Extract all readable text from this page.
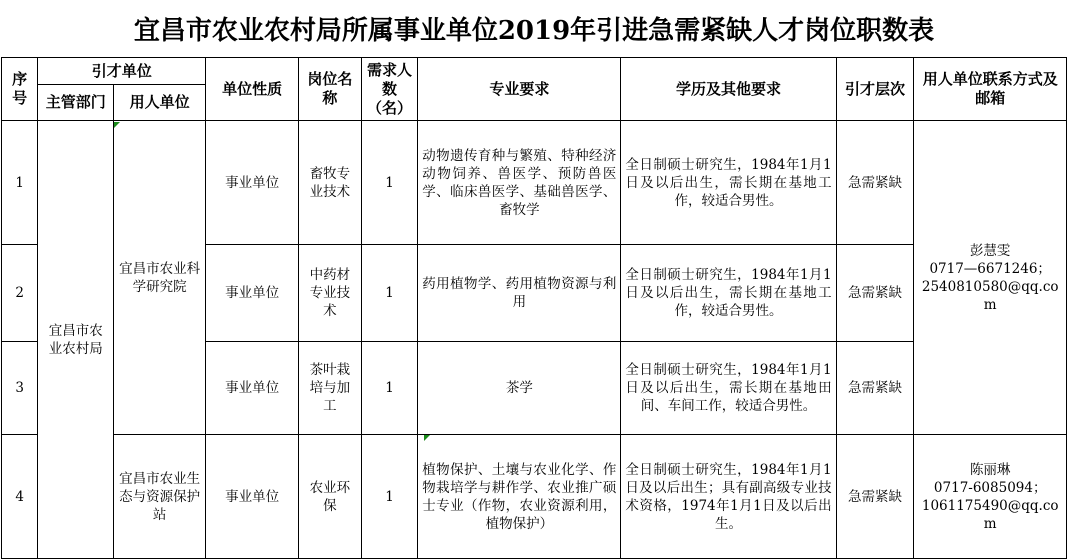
宜昌市农业农村局所属事业单位2019年引进急需紧缺人才岗位职数表
序号	引才单位		单位性质	岗位名称	需求人数（名）	专业要求	学历及其他要求	引才层次	用人单位联系方式及邮箱
	主管部门	用人单位							
1	宜昌市农业农村局	宜昌市农业科学研究院	事业单位	畜牧专业技术	1	动物遗传育种与繁殖、特种经济动物饲养、兽医学、预防兽医学、临床兽医学、基础兽医学、畜牧学	全日制硕士研究生，1984年1月1日及以后出生，需长期在基地工作，较适合男性。	急需紧缺	彭慧雯
0717—6671246；
2540810580@qq.com

2			事业单位	中药材专业技术	1	药用植物学、药用植物资源与利用	全日制硕士研究生，1984年1月1日及以后出生，需长期在基地工作，较适合男性。	急需紧缺	
3			事业单位	茶叶栽培与加工	1	茶学	全日制硕士研究生，1984年1月1日及以后出生，需长期在基地田间、车间工作，较适合男性。	急需紧缺	
4		宜昌市农业生态与资源保护站	事业单位	农业环保	1	植物保护、土壤与农业化学、作物栽培学与耕作学、农业推广硕士专业（作物，农业资源利用，植物保护）	全日制硕士研究生，1984年1月1日及以后出生；具有副高级专业技术资格，1974年1月1日及以后出生。	急需紧缺	陈丽琳
0717-6085094；
1061175490@qq.com
